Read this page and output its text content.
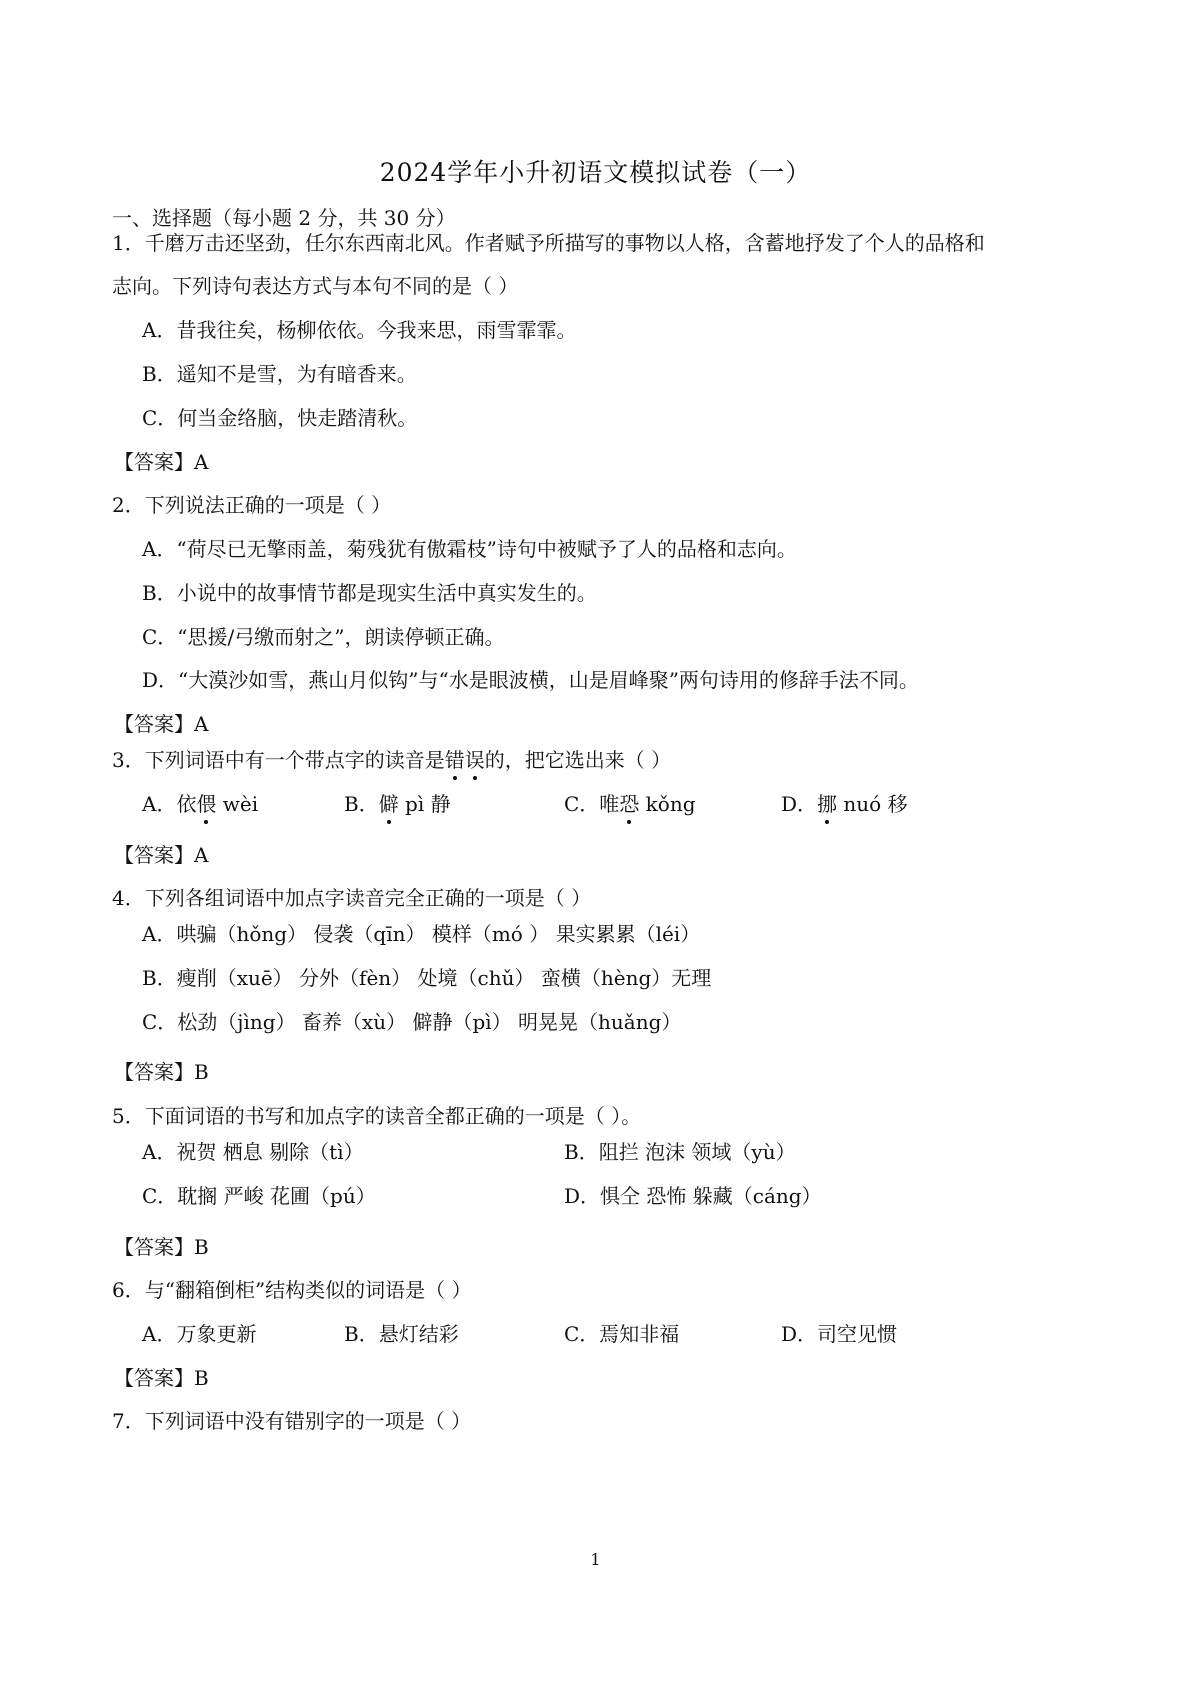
2024学年小升初语文模拟试卷（一）
一、选择题（每小题 2 分，共 30 分）
1．千磨万击还坚劲，任尔东西南北风。作者赋予所描写的事物以人格，含蓄地抒发了个人的品格和
志向。下列诗句表达方式与本句不同的是（ ）
A．昔我往矣，杨柳依依。今我来思，雨雪霏霏。
B．遥知不是雪，为有暗香来。
C．何当金络脑，快走踏清秋。
【答案】A
2．下列说法正确的一项是（ ）
A．“荷尽已无擎雨盖，菊残犹有傲霜枝”诗句中被赋予了人的品格和志向。
B．小说中的故事情节都是现实生活中真实发生的。
C．“思援/弓缴而射之”，朗读停顿正确。
D．“大漠沙如雪，燕山月似钩”与“水是眼波横，山是眉峰聚”两句诗用的修辞手法不同。
【答案】A
3．下列词语中有一个带点字的读音是错误的，把它选出来（ ）
A．依偎 wèi	B．僻 pì 静	C．唯恐 kǒng	D．挪 nuó 移
【答案】A
4．下列各组词语中加点字读音完全正确的一项是（ ）
A．哄骗（hǒng） 侵袭（qīn） 模样（mó ） 果实累累（léi）
B．瘦削（xuē） 分外（fèn） 处境（chǔ） 蛮横（hèng）无理
C．松劲（jìng） 畜养（xù） 僻静（pì） 明晃晃（huǎng）
【答案】B
5．下面词语的书写和加点字的读音全都正确的一项是（ ）。
A．祝贺 栖息 剔除（tì）	B．阻拦 泡沫 领域（yù）
C．耽搁 严峻 花圃（pú）	D．惧仝 恐怖 躲藏（cáng）
【答案】B
6．与“翻箱倒柜”结构类似的词语是（ ）
A．万象更新	B．悬灯结彩	C．焉知非福	D．司空见惯
【答案】B
7．下列词语中没有错别字的一项是（ ）
1
